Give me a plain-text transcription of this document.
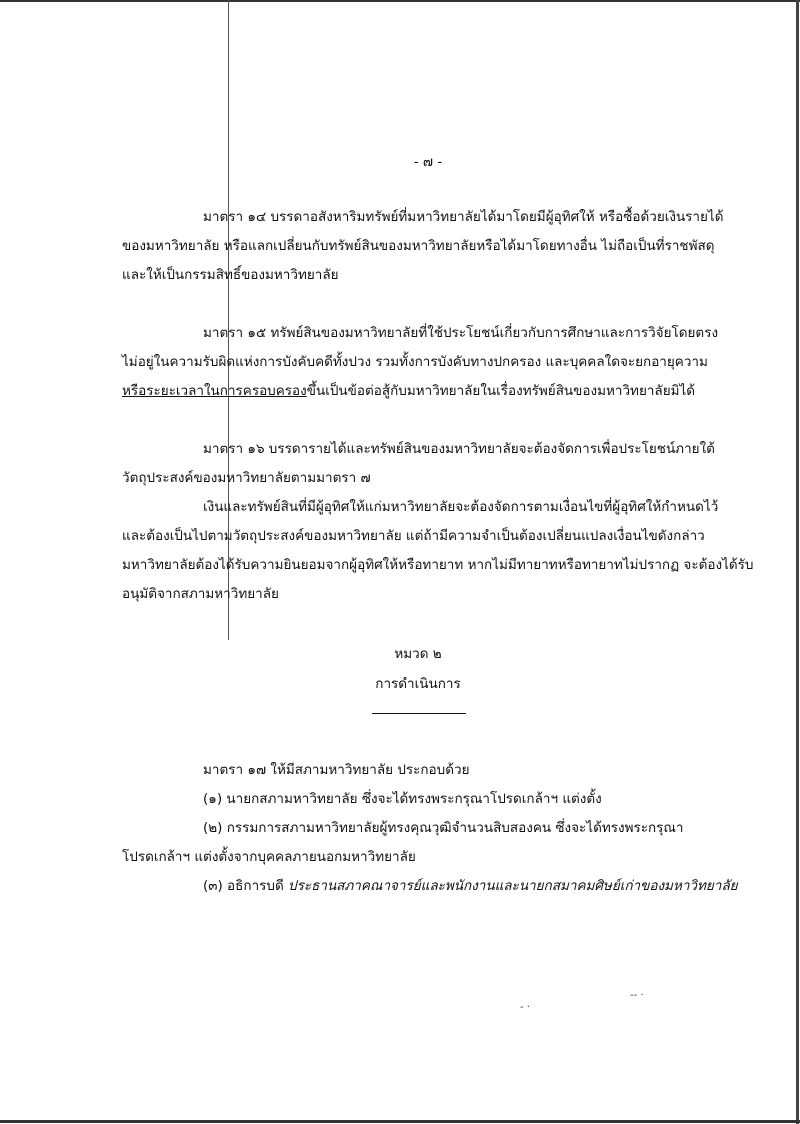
- ๗ -
มาตรา ๑๔ บรรดาอสังหาริมทรัพย์ที่มหาวิทยาลัยได้มาโดยมีผู้อุทิศให้ หรือซื้อด้วยเงินรายได้
ของมหาวิทยาลัย หรือแลกเปลี่ยนกับทรัพย์สินของมหาวิทยาลัยหรือได้มาโดยทางอื่น ไม่ถือเป็นที่ราชพัสดุ
และให้เป็นกรรมสิทธิ์ของมหาวิทยาลัย
มาตรา ๑๕ ทรัพย์สินของมหาวิทยาลัยที่ใช้ประโยชน์เกี่ยวกับการศึกษาและการวิจัยโดยตรง
ไม่อยู่ในความรับผิดแห่งการบังคับคดีทั้งปวง รวมทั้งการบังคับทางปกครอง และบุคคลใดจะยกอายุความ
หรือระยะเวลาในการครอบครองขึ้นเป็นข้อต่อสู้กับมหาวิทยาลัยในเรื่องทรัพย์สินของมหาวิทยาลัยมิได้
มาตรา ๑๖ บรรดารายได้และทรัพย์สินของมหาวิทยาลัยจะต้องจัดการเพื่อประโยชน์ภายใต้
วัตถุประสงค์ของมหาวิทยาลัยตามมาตรา ๗
เงินและทรัพย์สินที่มีผู้อุทิศให้แก่มหาวิทยาลัยจะต้องจัดการตามเงื่อนไขที่ผู้อุทิศให้กำหนดไว้
และต้องเป็นไปตามวัตถุประสงค์ของมหาวิทยาลัย แต่ถ้ามีความจำเป็นต้องเปลี่ยนแปลงเงื่อนไขดังกล่าว
มหาวิทยาลัยต้องได้รับความยินยอมจากผู้อุทิศให้หรือทายาท หากไม่มีทายาทหรือทายาทไม่ปรากฏ จะต้องได้รับ
อนุมัติจากสภามหาวิทยาลัย
หมวด ๒
การดำเนินการ
มาตรา ๑๗ ให้มีสภามหาวิทยาลัย ประกอบด้วย
(๑) นายกสภามหาวิทยาลัย ซึ่งจะได้ทรงพระกรุณาโปรดเกล้าฯ แต่งตั้ง
(๒) กรรมการสภามหาวิทยาลัยผู้ทรงคุณวุฒิจำนวนสิบสองคน ซึ่งจะได้ทรงพระกรุณา
โปรดเกล้าฯ แต่งตั้งจากบุคคลภายนอกมหาวิทยาลัย
(๓) อธิการบดี ประธานสภาคณาจารย์และพนักงานและนายกสมาคมศิษย์เก่าของมหาวิทยาลัย
-- ·
- ·
